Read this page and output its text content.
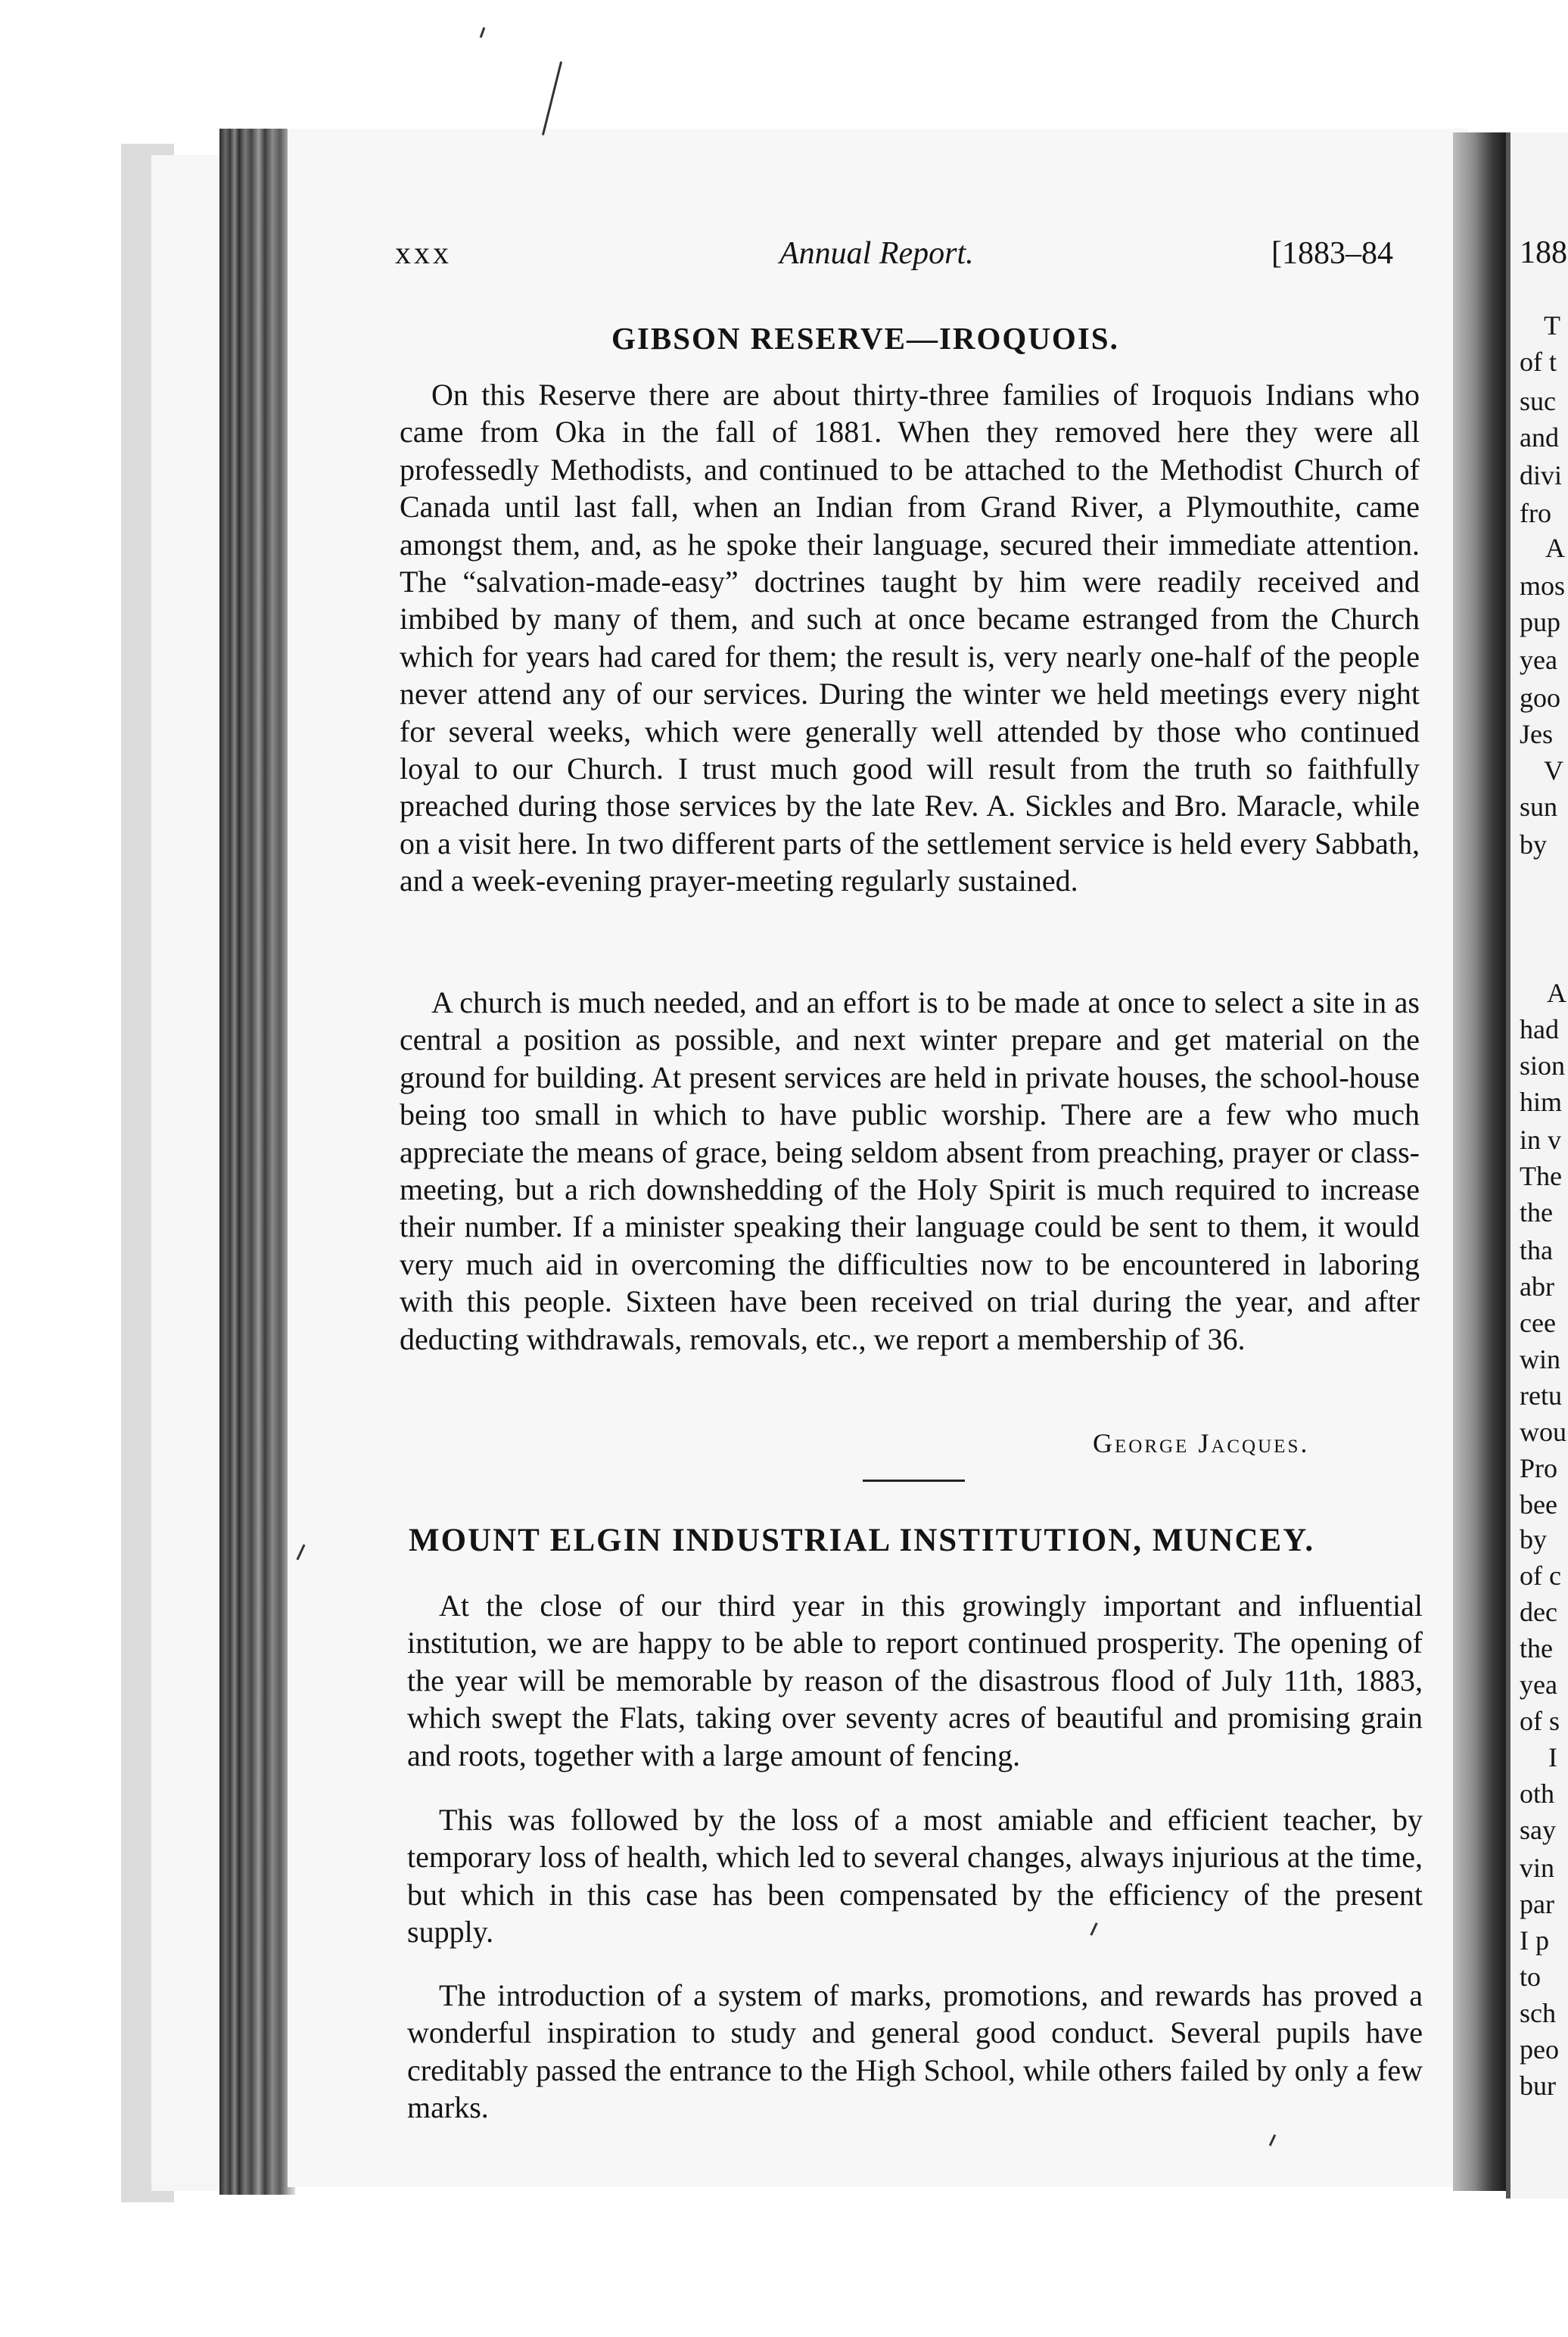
xxx	Annual Report.	[1883–84
GIBSON RESERVE—IROQUOIS.

On this Reserve there are about thirty-three families of Iroquois Indians who came from Oka in the fall of 1881. When they removed here they were all professedly Methodists, and continued to be attached to the Methodist Church of Canada until last fall, when an Indian from Grand River, a Plymouthite, came amongst them, and, as he spoke their language, secured their immediate attention. The “salvation-made-easy” doctrines taught by him were readily received and imbibed by many of them, and such at once became estranged from the Church which for years had cared for them; the result is, very nearly one-half of the people never attend any of our services. During the winter we held meetings every night for several weeks, which were generally well attended by those who continued loyal to our Church. I trust much good will result from the truth so faithfully preached during those services by the late Rev. A. Sickles and Bro. Maracle, while on a visit here. In two different parts of the settlement service is held every Sabbath, and a week-evening prayer-meeting regularly sustained.

A church is much needed, and an effort is to be made at once to select a site in as central a position as possible, and next winter prepare and get material on the ground for building. At present services are held in private houses, the school-house being too small in which to have public worship. There are a few who much appreciate the means of grace, being seldom absent from preaching, prayer or class-meeting, but a rich downshedding of the Holy Spirit is much required to increase their number. If a minister speaking their language could be sent to them, it would very much aid in overcoming the difficulties now to be encountered in laboring with this people. Sixteen have been received on trial during the year, and after deducting withdrawals, removals, etc., we report a membership of 36.

George Jacques.
MOUNT ELGIN INDUSTRIAL INSTITUTION, MUNCEY.

At the close of our third year in this growingly important and influential institution, we are happy to be able to report continued prosperity. The opening of the year will be memorable by reason of the disastrous flood of July 11th, 1883, which swept the Flats, taking over seventy acres of beautiful and promising grain and roots, together with a large amount of fencing.

This was followed by the loss of a most amiable and efficient teacher, by temporary loss of health, which led to several changes, always injurious at the time, but which in this case has been compensated by the efficiency of the present supply.

The introduction of a system of marks, promotions, and rewards has proved a wonderful inspiration to study and general good conduct. Several pupils have creditably passed the entrance to the High School, while others failed by only a few marks.

188
T
of t
suc
and
divi
fro
A
mos
pup
yea
goo
Jes
V
sun
by
A
had
sion
him
in v
The
the
tha
abr
cee
win
retu
wou
Pro
bee
by
of c
dec
the
yea
of s
I
oth
say
vin
par
I p
to
sch
peo
bur
